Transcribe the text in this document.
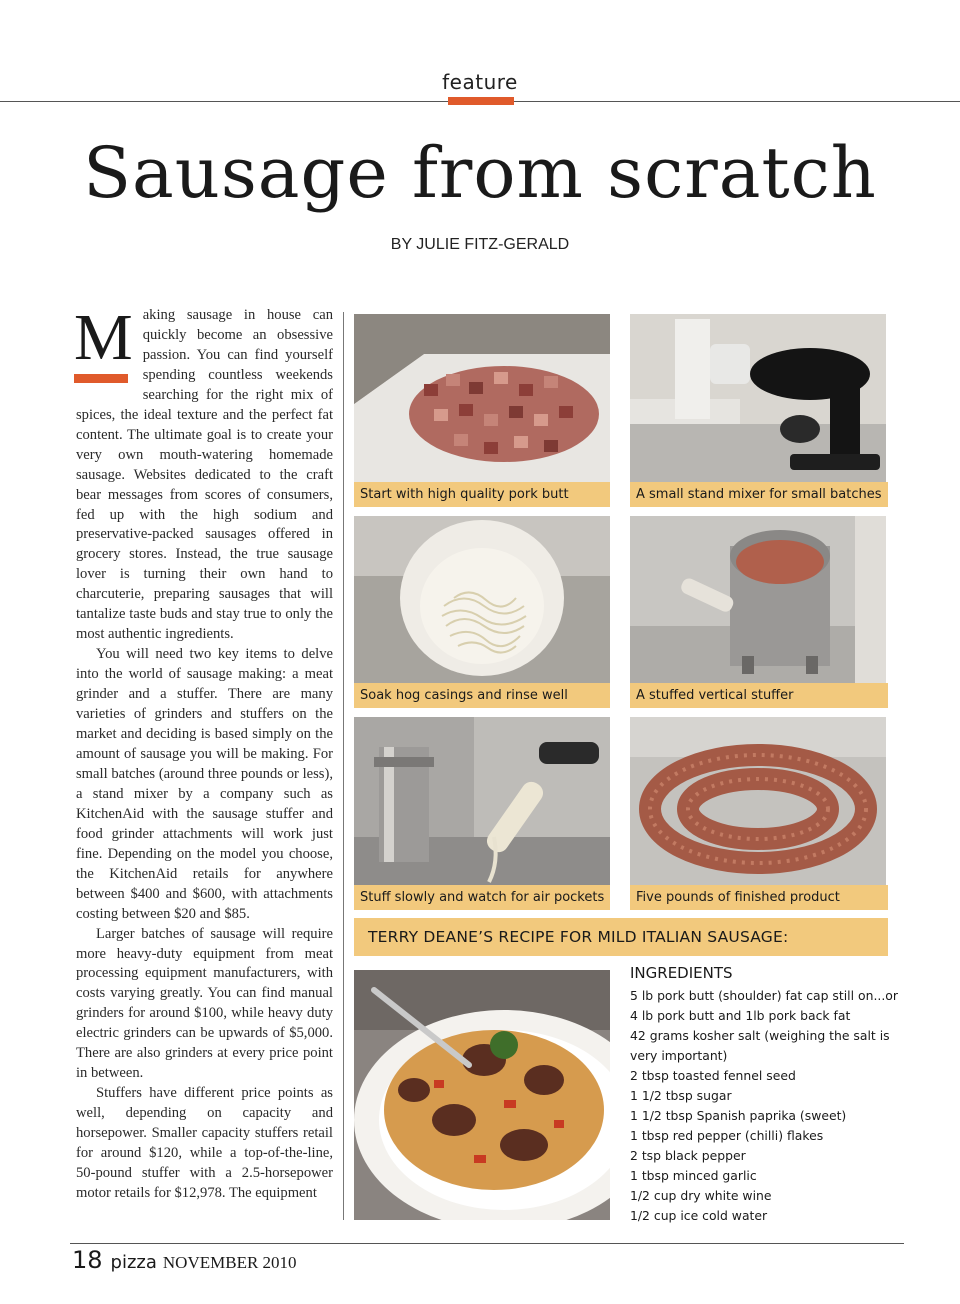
feature
Sausage from scratch
BY JULIE FITZ-GERALD
M aking sausage in house can quickly become an obsessive passion. You can find yourself spending countless weekends searching for the right mix of spices, the ideal texture and the perfect fat content. The ultimate goal is to create your very own mouth-watering homemade sausage. Websites dedicated to the craft bear messages from scores of consumers, fed up with the high sodium and preservative-packed sausages offered in grocery stores. Instead, the true sausage lover is turning their own hand to charcuterie, preparing sausages that will tantalize taste buds and stay true to only the most authentic ingredients.

You will need two key items to delve into the world of sausage making: a meat grinder and a stuffer. There are many varieties of grinders and stuffers on the market and deciding is based simply on the amount of sausage you will be making. For small batches (around three pounds or less), a stand mixer by a company such as KitchenAid with the sausage stuffer and food grinder attachments will work just fine. Depending on the model you choose, the KitchenAid retails for anywhere between $400 and $600, with attachments costing between $20 and $85.

Larger batches of sausage will require more heavy-duty equipment from meat processing equipment manufacturers, with costs varying greatly. You can find manual grinders for around $100, while heavy duty electric grinders can be upwards of $5,000. There are also grinders at every price point in between.

Stuffers have different price points as well, depending on capacity and horsepower. Smaller capacity stuffers retail for around $120, while a top-of-the-line, 50-pound stuffer with a 2.5-horsepower motor retails for $12,978. The equipment

Start with high quality pork butt	A small stand mixer for small batches
Soak hog casings and rinse well	A stuffed vertical stuffer
Stuff slowly and watch for air pockets	Five pounds of finished product
TERRY DEANE’S RECIPE FOR MILD ITALIAN SAUSAGE:
INGREDIENTS
5 lb pork butt (shoulder) fat cap still on...or
4 lb pork butt and 1lb pork back fat
42 grams kosher salt (weighing the salt is
very important)
2 tbsp toasted fennel seed
1 1/2 tbsp sugar
1 1/2 tbsp Spanish paprika (sweet)
1 tbsp red pepper (chilli) flakes
2 tsp black pepper
1 tbsp minced garlic
1/2 cup dry white wine
1/2 cup ice cold water
18 pizza NOVEMBER 2010
